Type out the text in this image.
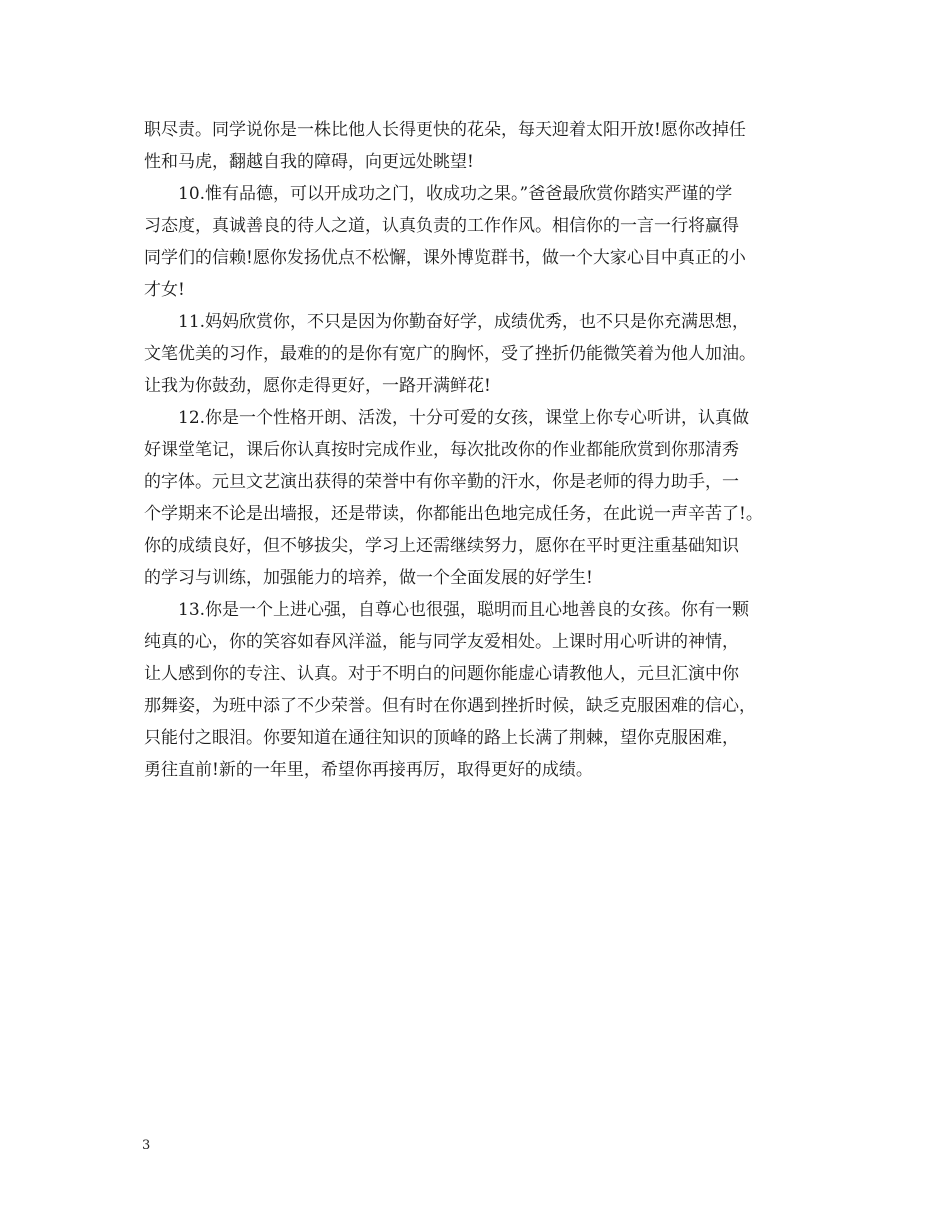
职尽责。同学说你是一株比他人长得更快的花朵，每天迎着太阳开放!愿你改掉任
性和马虎，翻越自我的障碍，向更远处眺望!
10.惟有品德，可以开成功之门，收成功之果。”爸爸最欣赏你踏实严谨的学
习态度，真诚善良的待人之道，认真负责的工作作风。相信你的一言一行将赢得
同学们的信赖!愿你发扬优点不松懈，课外博览群书，做一个大家心目中真正的小
才女!
11.妈妈欣赏你，不只是因为你勤奋好学，成绩优秀，也不只是你充满思想，
文笔优美的习作，最难的的是你有宽广的胸怀，受了挫折仍能微笑着为他人加油。
让我为你鼓劲，愿你走得更好，一路开满鲜花!
12.你是一个性格开朗、活泼，十分可爱的女孩，课堂上你专心听讲，认真做
好课堂笔记，课后你认真按时完成作业，每次批改你的作业都能欣赏到你那清秀
的字体。元旦文艺演出获得的荣誉中有你辛勤的汗水，你是老师的得力助手，一
个学期来不论是出墙报，还是带读，你都能出色地完成任务，在此说一声辛苦了!。
你的成绩良好，但不够拔尖，学习上还需继续努力，愿你在平时更注重基础知识
的学习与训练，加强能力的培养，做一个全面发展的好学生!
13.你是一个上进心强，自尊心也很强，聪明而且心地善良的女孩。你有一颗
纯真的心，你的笑容如春风洋溢，能与同学友爱相处。上课时用心听讲的神情，
让人感到你的专注、认真。对于不明白的问题你能虚心请教他人，元旦汇演中你
那舞姿，为班中添了不少荣誉。但有时在你遇到挫折时候，缺乏克服困难的信心，
只能付之眼泪。你要知道在通往知识的顶峰的路上长满了荆棘，望你克服困难，
勇往直前!新的一年里，希望你再接再厉，取得更好的成绩。
3
